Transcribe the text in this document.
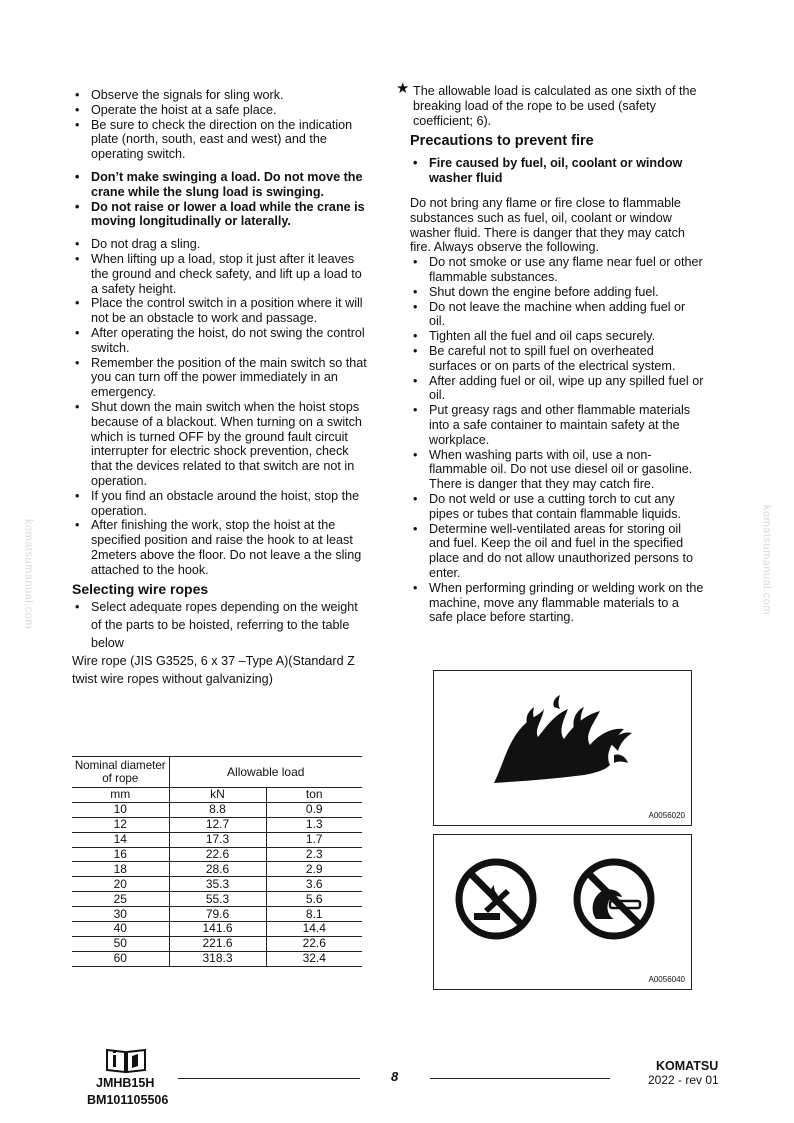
komatsumanual.com	komatsumanual.com
• Observe the signals for sling work.
• Operate the hoist at a safe place.
• Be sure to check the direction on the indication plate (north, south, east and west) and the operating switch.
• Don’t make swinging a load. Do not move the crane while the slung load is swinging.
• Do not raise or lower a load while the crane is moving longitudinally or laterally.
• Do not drag a sling.
• When lifting up a load, stop it just after it leaves the ground and check safety, and lift up a load to a safety height.
• Place the control switch in a position where it will not be an obstacle to work and passage.
• After operating the hoist, do not swing the control switch.
• Remember the position of the main switch so that you can turn off the power immediately in an emergency.
• Shut down the main switch when the hoist stops because of a blackout. When turning on a switch which is turned OFF by the ground fault circuit interrupter for electric shock prevention, check that the devices related to that switch are not in operation.
• If you find an obstacle around the hoist, stop the operation.
• After finishing the work, stop the hoist at the specified position and raise the hook to at least 2meters above the floor. Do not leave a the sling attached to the hook.
Selecting wire ropes
• Select adequate ropes depending on the weight of the parts to be hoisted, referring to the table below
Wire rope (JIS G3525, 6 x 37 –Type A)(Standard Z twist wire ropes without galvanizing)
Nominal diameter of rope	Allowable load	
mm	kN	ton
10	8.8	0.9
12	12.7	1.3
14	17.3	1.7
16	22.6	2.3
18	28.6	2.9
20	35.3	3.6
25	55.3	5.6
30	79.6	8.1
40	141.6	14.4
50	221.6	22.6
60	318.3	32.4
★ The allowable load is calculated as one sixth of the breaking load of the rope to be used (safety coefficient; 6).
Precautions to prevent fire
• Fire caused by fuel, oil, coolant or window washer fluid
Do not bring any flame or fire close to flammable substances such as fuel, oil, coolant or window washer fluid. There is danger that they may catch fire. Always observe the following.
• Do not smoke or use any flame near fuel or other flammable substances.
• Shut down the engine before adding fuel.
• Do not leave the machine when adding fuel or oil.
• Tighten all the fuel and oil caps securely.
• Be careful not to spill fuel on overheated surfaces or on parts of the electrical system.
• After adding fuel or oil, wipe up any spilled fuel or oil.
• Put greasy rags and other flammable materials into a safe container to maintain safety at the workplace.
• When washing parts with oil, use a non- flammable oil. Do not use diesel oil or gasoline. There is danger that they may catch fire.
• Do not weld or use a cutting torch to cut any pipes or tubes that contain flammable liquids.
• Determine well-ventilated areas for storing oil and fuel. Keep the oil and fuel in the specified place and do not allow unauthorized persons to enter.
• When performing grinding or welding work on the machine, move any flammable materials to a safe place before starting.
A0056020
A0056040
JMHB15H
BM101105506
8
KOMATSU
2022 - rev 01
